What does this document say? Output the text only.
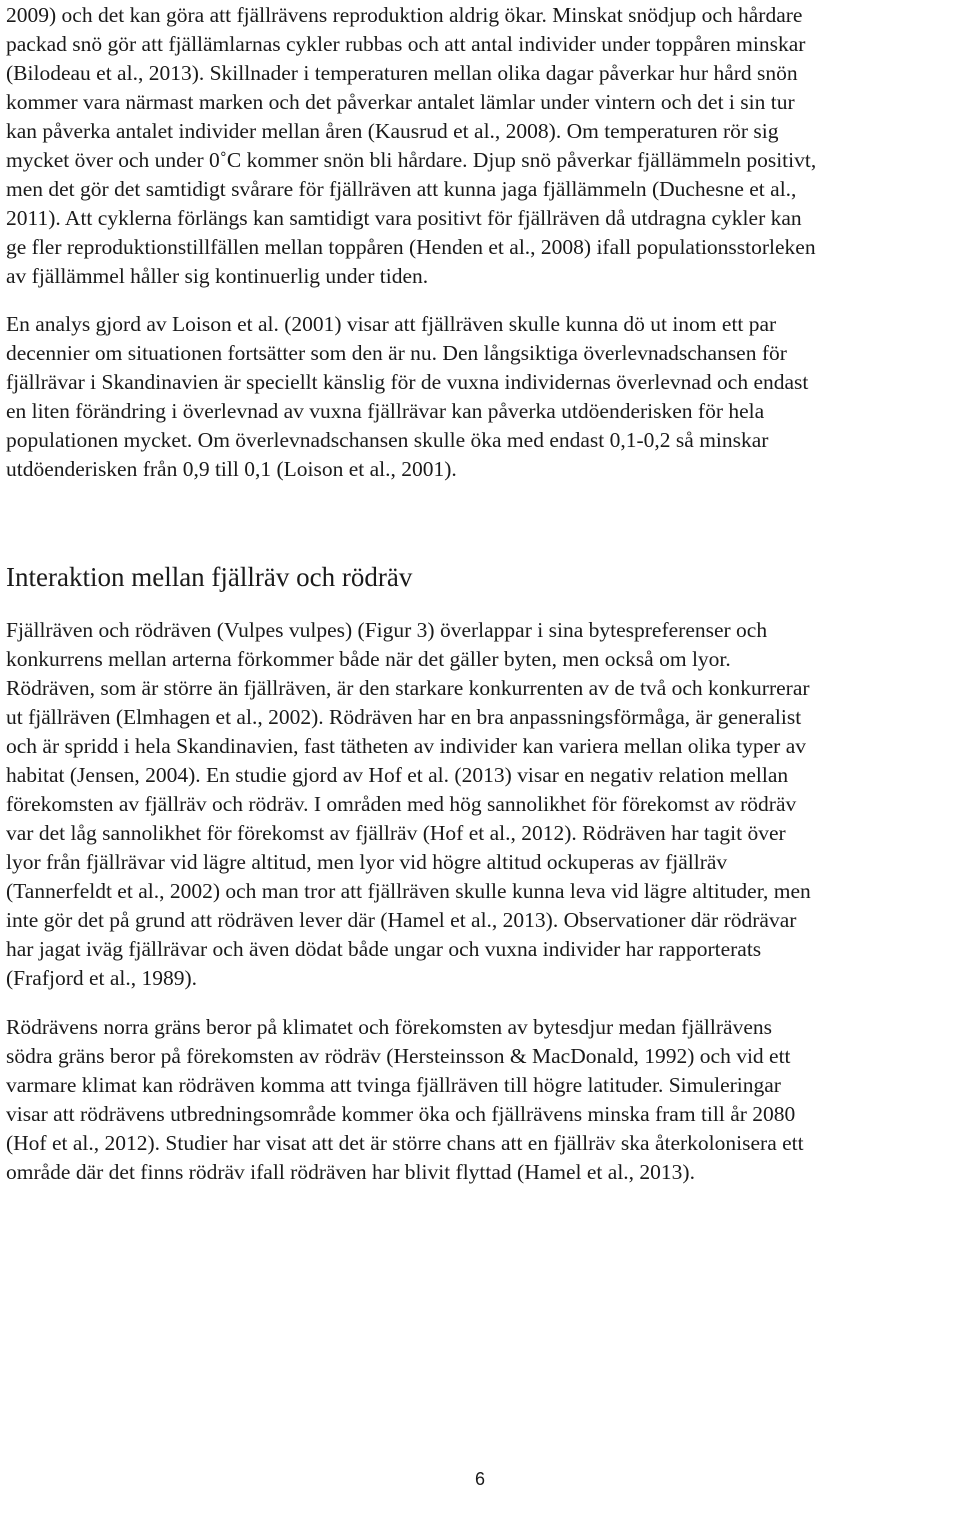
2009) och det kan göra att fjällrävens reproduktion aldrig ökar. Minskat snödjup och hårdare
packad snö gör att fjällämlarnas cykler rubbas och att antal individer under toppåren minskar
(Bilodeau et al., 2013). Skillnader i temperaturen mellan olika dagar påverkar hur hård snön
kommer vara närmast marken och det påverkar antalet lämlar under vintern och det i sin tur
kan påverka antalet individer mellan åren (Kausrud et al., 2008). Om temperaturen rör sig
mycket över och under 0˚C kommer snön bli hårdare. Djup snö påverkar fjällämmeln positivt,
men det gör det samtidigt svårare för fjällräven att kunna jaga fjällämmeln (Duchesne et al.,
2011). Att cyklerna förlängs kan samtidigt vara positivt för fjällräven då utdragna cykler kan
ge fler reproduktionstillfällen mellan toppåren (Henden et al., 2008) ifall populationsstorleken
av fjällämmel håller sig kontinuerlig under tiden.
En analys gjord av Loison et al. (2001) visar att fjällräven skulle kunna dö ut inom ett par
decennier om situationen fortsätter som den är nu. Den långsiktiga överlevnadschansen för
fjällrävar i Skandinavien är speciellt känslig för de vuxna individernas överlevnad och endast
en liten förändring i överlevnad av vuxna fjällrävar kan påverka utdöenderisken för hela
populationen mycket. Om överlevnadschansen skulle öka med endast 0,1-0,2 så minskar
utdöenderisken från 0,9 till 0,1 (Loison et al., 2001).
Interaktion mellan fjällräv och rödräv
Fjällräven och rödräven (Vulpes vulpes) (Figur 3) överlappar i sina bytespreferenser och
konkurrens mellan arterna förkommer både när det gäller byten, men också om lyor.
Rödräven, som är större än fjällräven, är den starkare konkurrenten av de två och konkurrerar
ut fjällräven (Elmhagen et al., 2002). Rödräven har en bra anpassningsförmåga, är generalist
och är spridd i hela Skandinavien, fast tätheten av individer kan variera mellan olika typer av
habitat (Jensen, 2004). En studie gjord av Hof et al. (2013) visar en negativ relation mellan
förekomsten av fjällräv och rödräv. I områden med hög sannolikhet för förekomst av rödräv
var det låg sannolikhet för förekomst av fjällräv (Hof et al., 2012). Rödräven har tagit över
lyor från fjällrävar vid lägre altitud, men lyor vid högre altitud ockuperas av fjällräv
(Tannerfeldt et al., 2002) och man tror att fjällräven skulle kunna leva vid lägre altituder, men
inte gör det på grund att rödräven lever där (Hamel et al., 2013). Observationer där rödrävar
har jagat iväg fjällrävar och även dödat både ungar och vuxna individer har rapporterats
(Frafjord et al., 1989).
Rödrävens norra gräns beror på klimatet och förekomsten av bytesdjur medan fjällrävens
södra gräns beror på förekomsten av rödräv (Hersteinsson & MacDonald, 1992) och vid ett
varmare klimat kan rödräven komma att tvinga fjällräven till högre latituder. Simuleringar
visar att rödrävens utbredningsområde kommer öka och fjällrävens minska fram till år 2080
(Hof et al., 2012). Studier har visat att det är större chans att en fjällräv ska återkolonisera ett
område där det finns rödräv ifall rödräven har blivit flyttad (Hamel et al., 2013).
6
